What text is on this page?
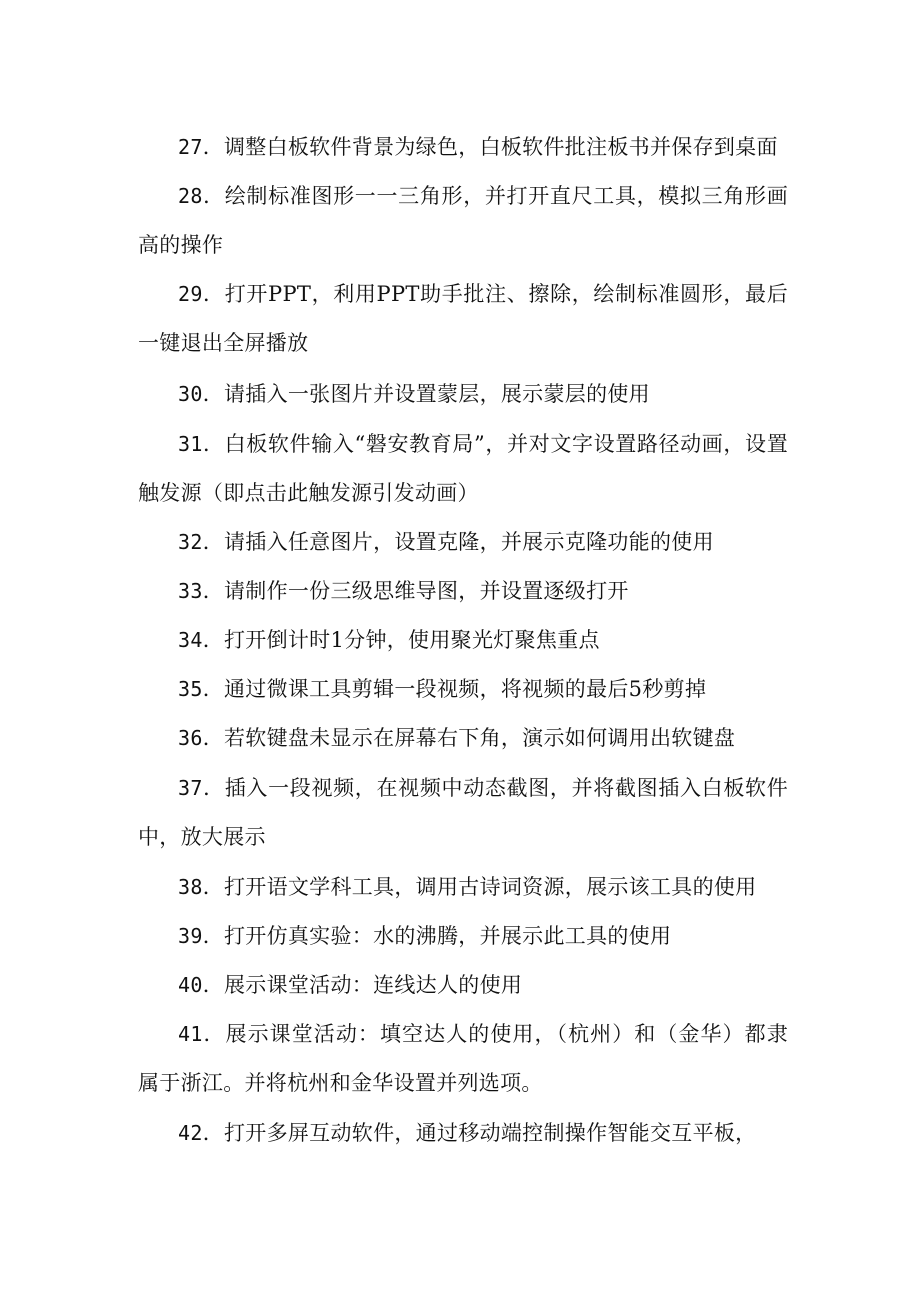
27．调整白板软件背景为绿色，白板软件批注板书并保存到桌面

28．绘制标准图形一一三角形，并打开直尺工具，模拟三角形画高的操作

29．打开PPT，利用PPT助手批注、擦除，绘制标准圆形，最后一键退出全屏播放

30．请插入一张图片并设置蒙层，展示蒙层的使用

31．白板软件输入“磐安教育局”，并对文字设置路径动画，设置触发源（即点击此触发源引发动画）

32．请插入任意图片，设置克隆，并展示克隆功能的使用

33．请制作一份三级思维导图，并设置逐级打开

34．打开倒计时1分钟，使用聚光灯聚焦重点

35．通过微课工具剪辑一段视频，将视频的最后5秒剪掉

36．若软键盘未显示在屏幕右下角，演示如何调用出软键盘

37．插入一段视频，在视频中动态截图，并将截图插入白板软件中，放大展示

38．打开语文学科工具，调用古诗词资源，展示该工具的使用

39．打开仿真实验：水的沸腾，并展示此工具的使用

40．展示课堂活动：连线达人的使用

41．展示课堂活动：填空达人的使用，（杭州）和（金华）都隶属于浙江。并将杭州和金华设置并列选项。

42．打开多屏互动软件，通过移动端控制操作智能交互平板，
